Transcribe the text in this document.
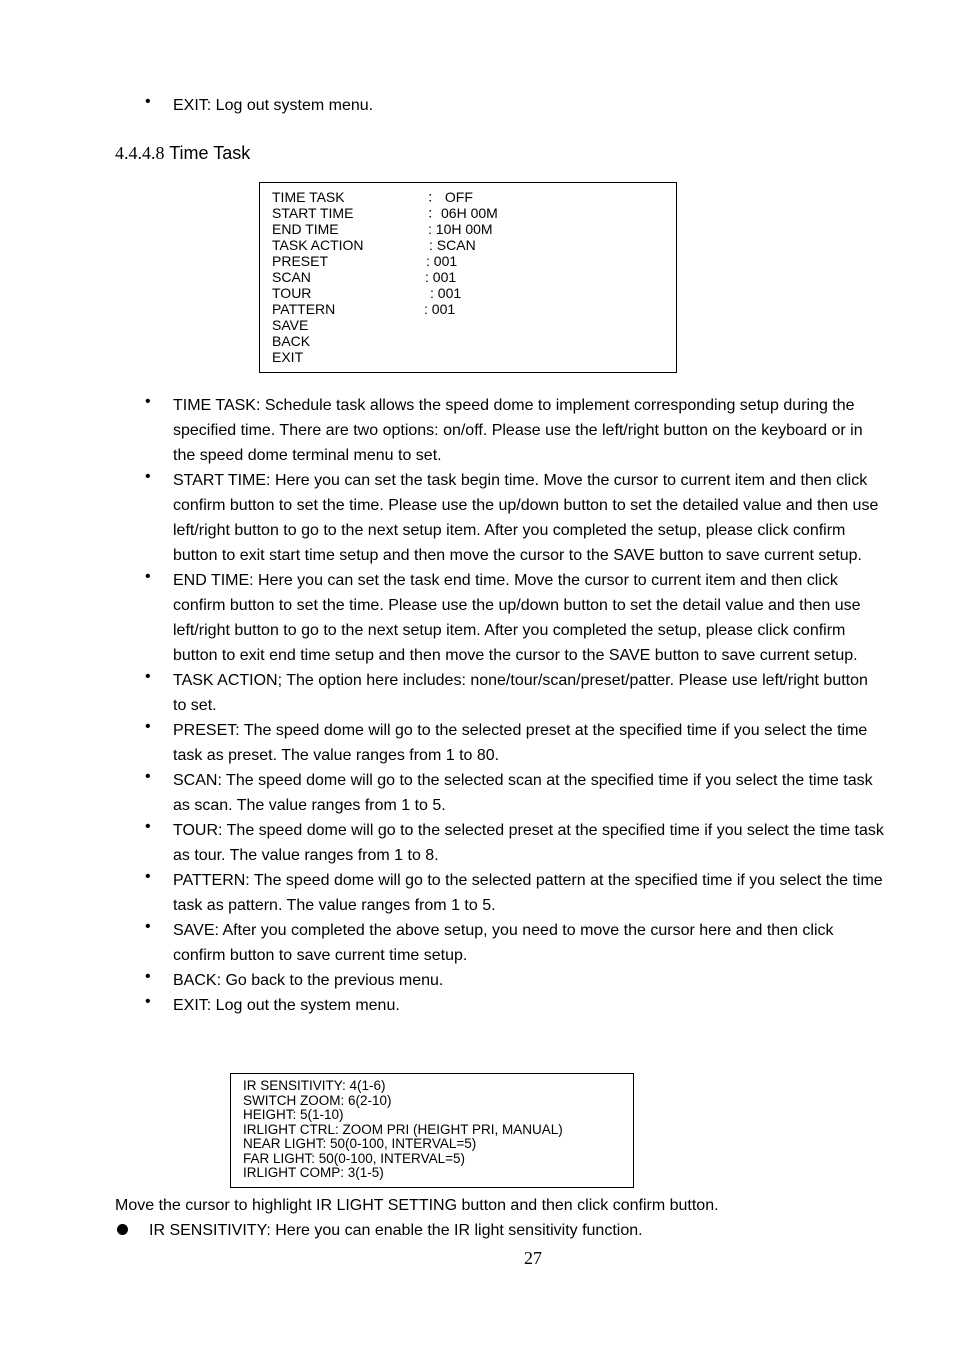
• EXIT: Log out system menu.
4.4.4.8 Time Task
TIME TASK	： OFF
START TIME	：06H 00M
END TIME	: 10H 00M
TASK ACTION	: SCAN
PRESET	: 001
SCAN	: 001
TOUR	: 001
PATTERN	: 001
SAVE
BACK
EXIT
• TIME TASK: Schedule task allows the speed dome to implement corresponding setup during the
specified time. There are two options: on/off. Please use the left/right button on the keyboard or in
the speed dome terminal menu to set.
• START TIME: Here you can set the task begin time. Move the cursor to current item and then click
confirm button to set the time. Please use the up/down button to set the detailed value and then use
left/right button to go to the next setup item. After you completed the setup, please click confirm
button to exit start time setup and then move the cursor to the SAVE button to save current setup.
• END TIME: Here you can set the task end time. Move the cursor to current item and then click
confirm button to set the time. Please use the up/down button to set the detail value and then use
left/right button to go to the next setup item. After you completed the setup, please click confirm
button to exit end time setup and then move the cursor to the SAVE button to save current setup.
• TASK ACTION; The option here includes: none/tour/scan/preset/patter. Please use left/right button
to set.
• PRESET: The speed dome will go to the selected preset at the specified time if you select the time
task as preset. The value ranges from 1 to 80.
• SCAN: The speed dome will go to the selected scan at the specified time if you select the time task
as scan. The value ranges from 1 to 5.
• TOUR: The speed dome will go to the selected preset at the specified time if you select the time task
as tour. The value ranges from 1 to 8.
• PATTERN: The speed dome will go to the selected pattern at the specified time if you select the time
task as pattern. The value ranges from 1 to 5.
• SAVE: After you completed the above setup, you need to move the cursor here and then click
confirm button to save current time setup.
• BACK: Go back to the previous menu.
• EXIT: Log out the system menu.
IR SENSITIVITY: 4(1-6)
SWITCH ZOOM: 6(2-10)
HEIGHT: 5(1-10)
IRLIGHT CTRL: ZOOM PRI (HEIGHT PRI, MANUAL)
NEAR LIGHT: 50(0-100, INTERVAL=5)
FAR LIGHT: 50(0-100, INTERVAL=5)
IRLIGHT COMP: 3(1-5)
Move the cursor to highlight IR LIGHT SETTING button and then click confirm button.
IR SENSITIVITY: Here you can enable the IR light sensitivity function.
27
